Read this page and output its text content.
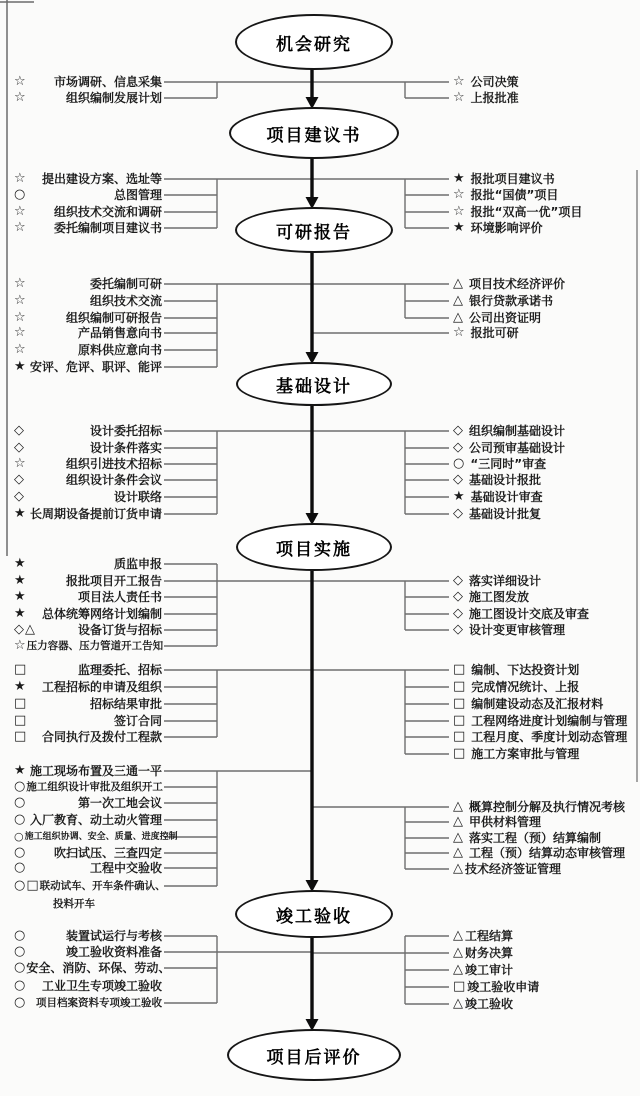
☆ 市场调研、信息采集
☆	组织编制发展计划
☆ 公司决策
☆ 上报批准
☆ 提出建设方案、选址等
○	总图管理
☆ 组织技术交流和调研
☆ 委托编制项目建议书
★ 报批项目建议书
☆ 报批“国债”项目
☆ 报批“双高一优”项目
★ 环境影响评价
☆	委托编制可研
☆	组织技术交流
☆	组织编制可研报告
☆	产品销售意向书
☆	原料供应意向书
★ 安评、危评、职评、能评
△ 项目技术经济评价
△ 银行贷款承诺书
△ 公司出资证明
☆ 报批可研
◇	设计委托招标
◇	设计条件落实
☆	组织引进技术招标
◇	组织设计条件会议
◇	设计联络
★ 长周期设备提前订货申请
◇ 组织编制基础设计
◇ 公司预审基础设计
○ “三同时”审查
◇ 基础设计报批
★ 基础设计审查
◇ 基础设计批复
★	质监申报
★	报批项目开工报告
★	项目法人责任书
★ 总体统筹网络计划编制
◇△	设备订货与招标
☆ 压力容器、压力管道开工告知
◇ 落实详细设计
◇ 施工图发放
◇ 施工图设计交底及审查
◇ 设计变更审核管理
□	监理委托、招标
★ 工程招标的申请及组织
□	招标结果审批
□	签订合同
□ 合同执行及拨付工程款
□ 编制、下达投资计划
□ 完成情况统计、上报
□ 编制建设动态及汇报材料
□ 工程网络进度计划编制与管理
□ 工程月度、季度计划动态管理
□ 施工方案审批与管理
★ 施工现场布置及三通一平
○ 施工组织设计审批及组织开工
○	第一次工地会议
○ 入厂教育、动土动火管理
○ 施工组织协调、安全、质量、进度控制
○ 吹扫试压、三查四定
○	工程中交验收
○□ 联动试车、开车条件确认、
投料开车
△ 概算控制分解及执行情况考核
△ 甲供材料管理
△ 落实工程（预）结算编制
△ 工程（预）结算动态审核管理
△ 技术经济签证管理
○	装置试运行与考核
○	竣工验收资料准备
○ 安全、消防、环保、劳动、
○ 工业卫生专项竣工验收
○ 项目档案资料专项竣工验收
△ 工程结算
△ 财务决算
△ 竣工审计
□ 竣工验收申请
△ 竣工验收
机会研究
项目建议书
可研报告
基础设计
项目实施
竣工验收
项目后评价
